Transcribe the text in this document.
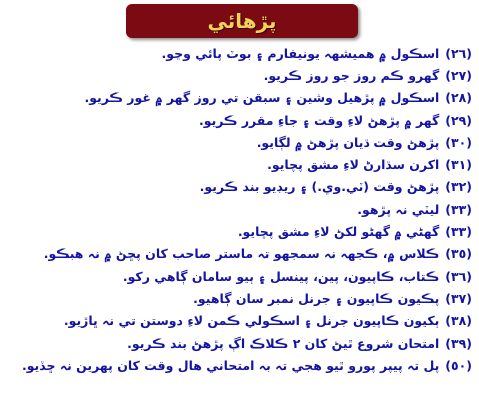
پڙهائي
(٢٦)
اسڪول ۾ هميشهہ يونيفارم ۽ بوٽ پائي وڃو.
(٢٧)
گهرو ڪم روز جو روز ڪريو.
(٢٨)
اسڪول ۾ پڙهيل وشين ۽ سبقن تي روز گهر ۾ غور ڪريو.
(٢٩)
گهر ۾ پڙهڻ لاءِ وقت ۽ جاءِ مقرر ڪريو.
(٣٠)
پڙهڻ وقت ڌيان پڙهڻ ۾ لڳايو.
(٣١)
اکرن سڌارڻ لاءِ مشق پچايو.
(٣٢)
پڙهڻ وقت (ٽي.وي.) ۽ ريڊيو بند ڪريو.
(٣٣)
ليٽي نہ پڙهو.
(٣٣)
گهڻي ۾ گهڻو لکڻ لاءِ مشق پچايو.
(٣٥)
ڪلاس ۾، ڪجهہ نہ سمجهو تہ ماستر صاحب کان پڇڻ ۾ نہ هبڪو.
(٣٦)
ڪتاب، ڪاپيون، پين، پينسل ۽ ٻيو سامان ڳاهي رکو.
(٣٧)
پڪيون ڪاپيون ۽ جرنل نمبر سان ڳاهيو.
(٣٨)
ٻکيون ڪاپيون جرنل ۽ اسڪولي ڪمن لاءِ دوستن تي نہ ڀاڙيو.
(٣٩)
امتحان شروع ٿيڻ کان ٢ ڪلاڪ اڳ پڙهڻ بند ڪريو.
(٥٠)
پل تہ پيپر پورو ٿيو هجي تہ بہ امتحاني هال وقت کان پهرين نہ ڇڏيو.
